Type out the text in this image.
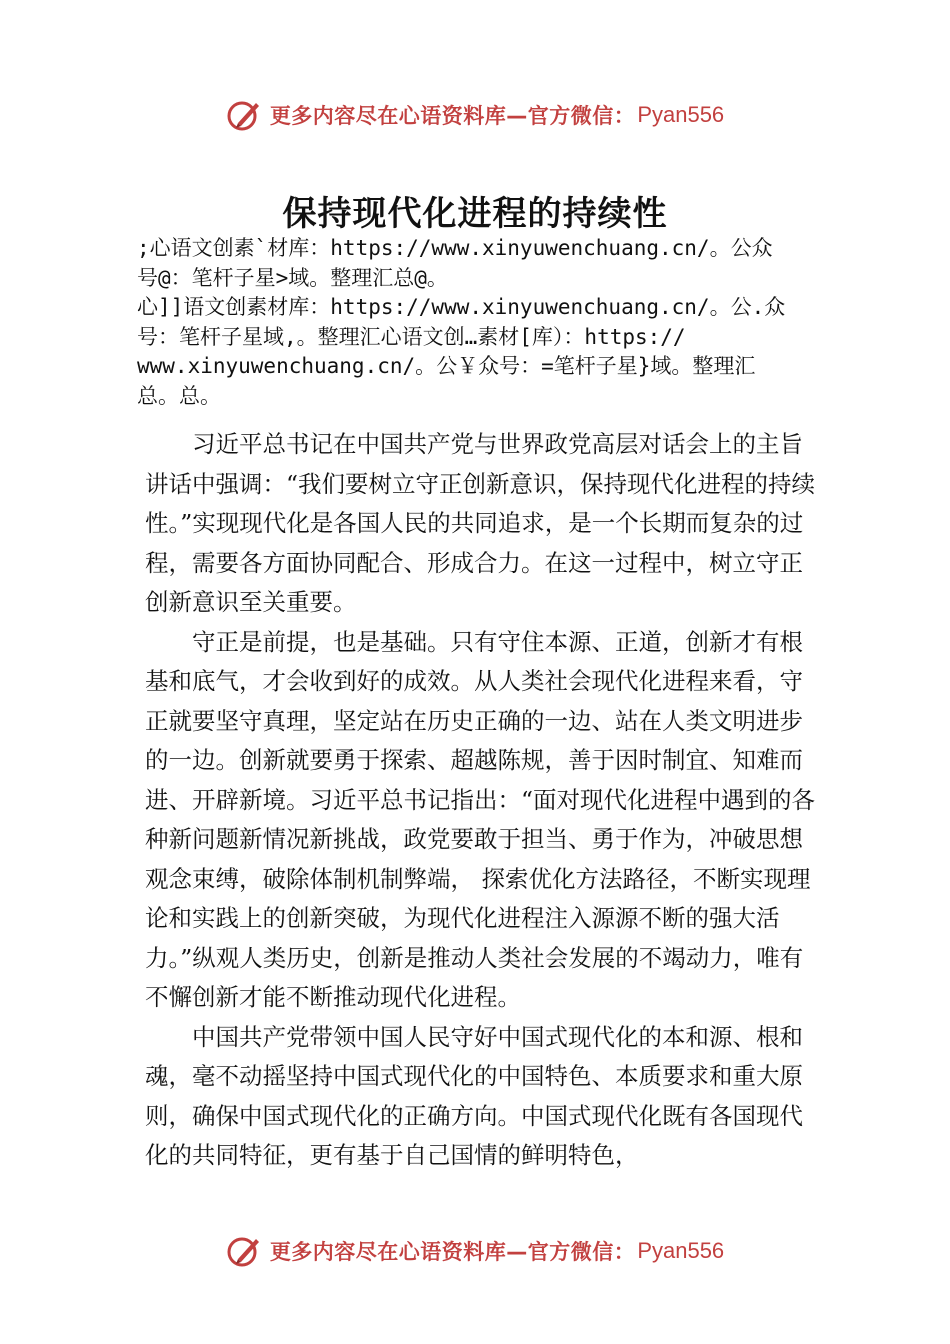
更多内容尽在心语资料库—官方微信： Pyan556
保持现代化进程的持续性
;心语文创素`材库：https://www.xinyuwenchuang.cn/。公众
号@：笔杆子星>域。整理汇总@。
心]]语文创素材库：https://www.xinyuwenchuang.cn/。公.众
号：笔杆子星域,。整理汇心语文创…素材[库）：https://
www.xinyuwenchuang.cn/。公￥众号：=笔杆子星}域。整理汇
总。总。

习近平总书记在中国共产党与世界政党高层对话会上的主旨讲话中强调：“我们要树立守正创新意识，保持现代化进程的持续性。”实现现代化是各国人民的共同追求，是一个长期而复杂的过程，需要各方面协同配合、形成合力。在这一过程中，树立守正创新意识至关重要。

守正是前提，也是基础。只有守住本源、正道，创新才有根基和底气，才会收到好的成效。从人类社会现代化进程来看，守正就要坚守真理，坚定站在历史正确的一边、站在人类文明进步的一边。创新就要勇于探索、超越陈规，善于因时制宜、知难而进、开辟新境。习近平总书记指出：“面对现代化进程中遇到的各种新问题新情况新挑战，政党要敢于担当、勇于作为，冲破思想观念束缚，破除体制机制弊端， 探索优化方法路径，不断实现理论和实践上的创新突破，为现代化进程注入源源不断的强大活力。”纵观人类历史，创新是推动人类社会发展的不竭动力，唯有不懈创新才能不断推动现代化进程。

中国共产党带领中国人民守好中国式现代化的本和源、根和魂，毫不动摇坚持中国式现代化的中国特色、本质要求和重大原则，确保中国式现代化的正确方向。中国式现代化既有各国现代化的共同特征，更有基于自己国情的鲜明特色，

更多内容尽在心语资料库—官方微信： Pyan556
